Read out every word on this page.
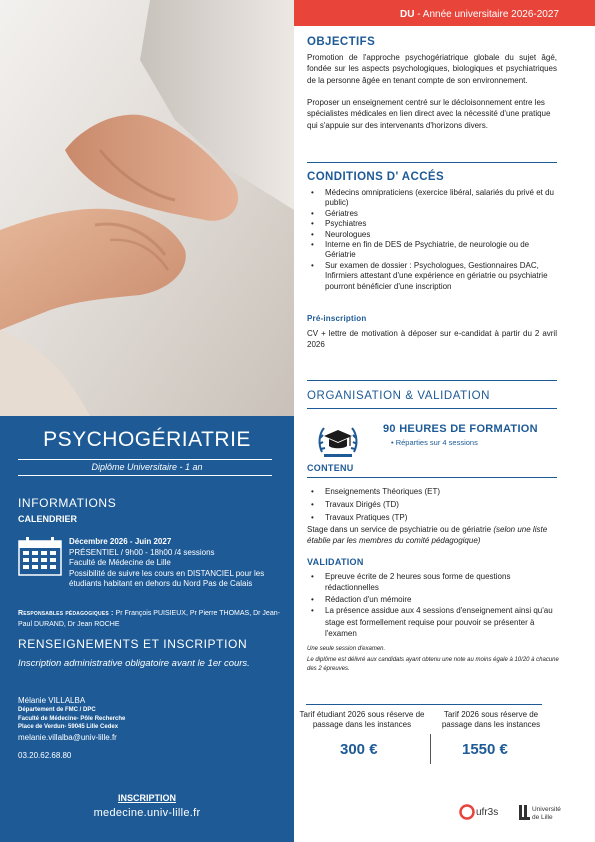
PSYCHOGÉRIATRIE
Diplôme Universitaire - 1 an
INFORMATIONS
CALENDRIER
Décembre 2026 - Juin 2027
PRÉSENTIEL / 9h00 - 18h00 /4 sessions
Faculté de Médecine de Lille
Possibilité de suivre les cours en DISTANCIEL pour les étudiants habitant en dehors du Nord Pas de Calais
Responsables pédagogiques : Pr François PUISIEUX, Pr Pierre THOMAS, Dr Jean-Paul DURAND, Dr Jean ROCHE
RENSEIGNEMENTS ET INSCRIPTION
Inscription administrative obligatoire avant le 1er cours.
Mélanie VILLALBA
Département de FMC / DPC
Faculté de Médecine- Pôle Recherche
Place de Verdun- 59045 Lille Cedex
melanie.villalba@univ-lille.fr
03.20.62.68.80
INSCRIPTION
medecine.univ-lille.fr
DU - Année universitaire 2026-2027
OBJECTIFS
Promotion de l'approche psychogériatrique globale du sujet âgé, fondée sur les aspects psychologiques, biologiques et psychiatriques de la personne âgée en tenant compte de son environnement.
Proposer un enseignement centré sur le décloisonnement entre les spécialistes médicales en lien direct avec la nécessité d'une pratique qui s'appuie sur des intervenants d'horizons divers.
CONDITIONS D' ACCÉS
• Médecins omnipraticiens (exercice libéral, salariés du privé et du public)
• Gériatres
• Psychiatres
• Neurologues
• Interne en fin de DES de Psychiatrie, de neurologie ou de Gériatrie
• Sur examen de dossier : Psychologues, Gestionnaires DAC, Infirmiers attestant d'une expérience en gériatrie ou psychiatrie pourront bénéficier d'une inscription
Pré-inscription
CV + lettre de motivation à déposer sur e-candidat à partir du 2 avril 2026
ORGANISATION & VALIDATION
90 HEURES DE FORMATION
• Réparties sur 4 sessions
CONTENU
• Enseignements Théoriques (ET)
• Travaux Dirigés (TD)
• Travaux Pratiques (TP)
Stage dans un service de psychiatrie ou de gériatrie (selon une liste établie par les membres du comité pédagogique)
VALIDATION
• Epreuve écrite de 2 heures sous forme de questions rédactionnelles
• Rédaction d'un mémoire
• La présence assidue aux 4 sessions d'enseignement ainsi qu'au stage est formellement requise pour pouvoir se présenter à l'examen
Une seule session d'examen.
Le diplôme est délivré aux candidats ayant obtenu une note au moins égale à 10/20 à chacune des 2 épreuves.
Tarif étudiant 2026 sous réserve de passage dans les instances
300 €
Tarif 2026 sous réserve de passage dans les instances
1550 €
ufr3s	Université
de Lille
